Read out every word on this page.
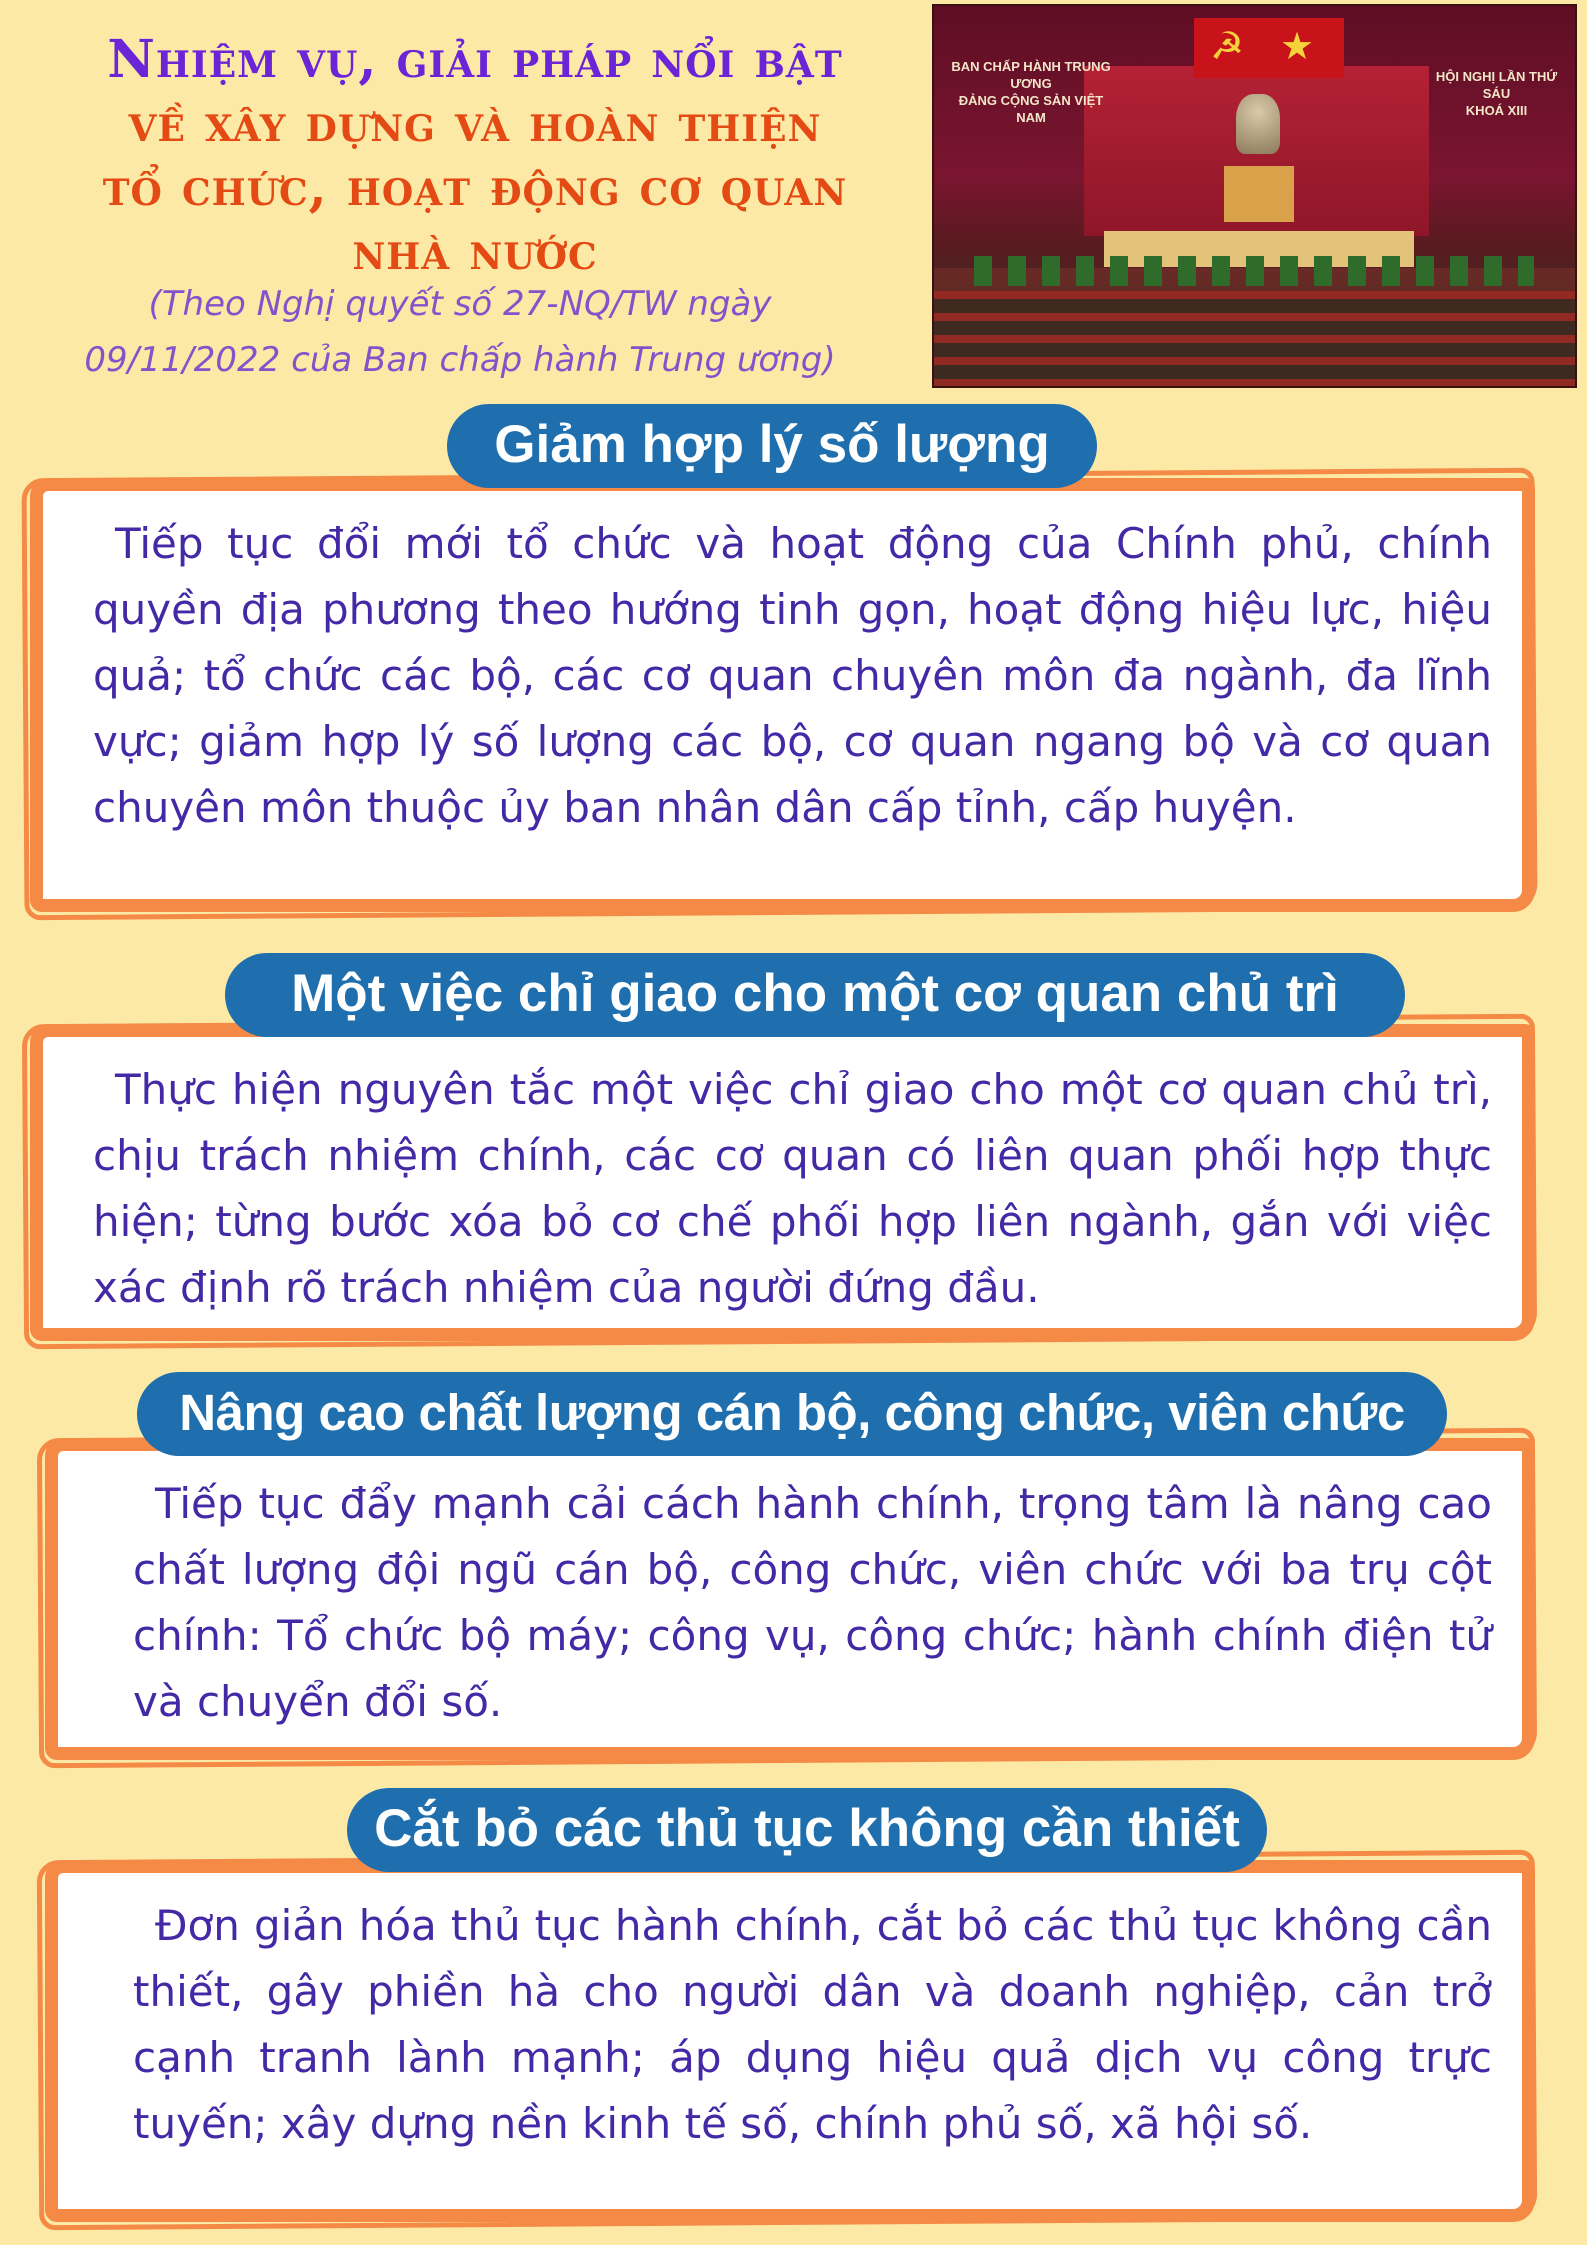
Nhiệm vụ, giải pháp nổi bật
về xây dựng và hoàn thiện
tổ chức, hoạt động cơ quan
nhà nước
(Theo Nghị quyết số 27-NQ/TW ngày
09/11/2022 của Ban chấp hành Trung ương)
☭ ★
BAN CHẤP HÀNH TRUNG ƯƠNG
ĐẢNG CỘNG SẢN VIỆT NAM
HỘI NGHỊ LẦN THỨ SÁU
KHOÁ XIII
Giảm hợp lý số lượng

Tiếp tục đổi mới tổ chức và hoạt động của Chính phủ, chính quyền địa phương theo hướng tinh gọn, hoạt động hiệu lực, hiệu quả; tổ chức các bộ, các cơ quan chuyên môn đa ngành, đa lĩnh vực; giảm hợp lý số lượng các bộ, cơ quan ngang bộ và cơ quan chuyên môn thuộc ủy ban nhân dân cấp tỉnh, cấp huyện.

Một việc chỉ giao cho một cơ quan chủ trì

Thực hiện nguyên tắc một việc chỉ giao cho một cơ quan chủ trì, chịu trách nhiệm chính, các cơ quan có liên quan phối hợp thực hiện; từng bước xóa bỏ cơ chế phối hợp liên ngành, gắn với việc xác định rõ trách nhiệm của người đứng đầu.

Nâng cao chất lượng cán bộ, công chức, viên chức

Tiếp tục đẩy mạnh cải cách hành chính, trọng tâm là nâng cao chất lượng đội ngũ cán bộ, công chức, viên chức với ba trụ cột chính: Tổ chức bộ máy; công vụ, công chức; hành chính điện tử và chuyển đổi số.

Cắt bỏ các thủ tục không cần thiết

Đơn giản hóa thủ tục hành chính, cắt bỏ các thủ tục không cần thiết, gây phiền hà cho người dân và doanh nghiệp, cản trở cạnh tranh lành mạnh; áp dụng hiệu quả dịch vụ công trực tuyến; xây dựng nền kinh tế số, chính phủ số, xã hội số.
